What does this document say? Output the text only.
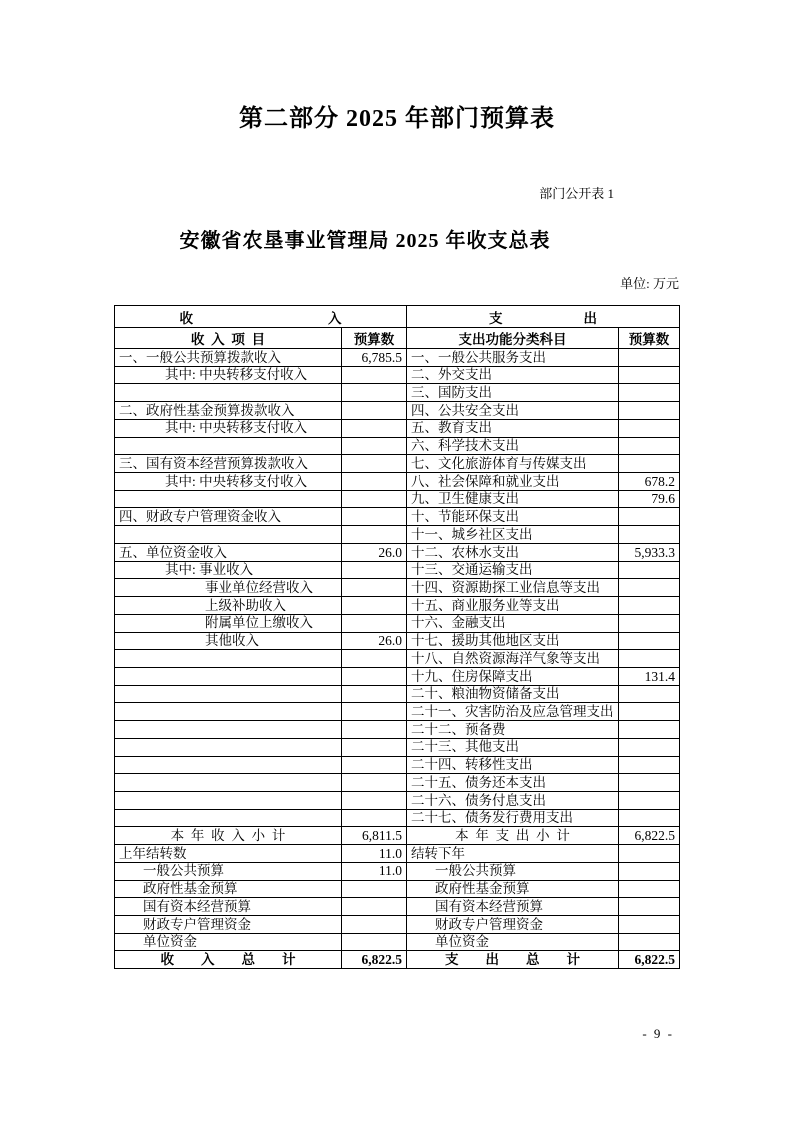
第二部分 2025 年部门预算表
部门公开表 1
安徽省农垦事业管理局 2025 年收支总表
单位: 万元
收　　　　　　　　　　入		支　　　　　　出	
收  入  项  目	预算数	支出功能分类科目	预算数
一、一般公共预算拨款收入	6,785.5	一、一般公共服务支出	
其中: 中央转移支付收入		二、外交支出	
		三、国防支出	
二、政府性基金预算拨款收入		四、公共安全支出	
其中: 中央转移支付收入		五、教育支出	
		六、科学技术支出	
三、国有资本经营预算拨款收入		七、文化旅游体育与传媒支出	
其中: 中央转移支付收入		八、社会保障和就业支出	678.2
		九、卫生健康支出	79.6
四、财政专户管理资金收入		十、节能环保支出	
		十一、城乡社区支出	
五、单位资金收入	26.0	十二、农林水支出	5,933.3
其中: 事业收入		十三、交通运输支出	
事业单位经营收入		十四、资源勘探工业信息等支出	
上级补助收入		十五、商业服务业等支出	
附属单位上缴收入		十六、金融支出	
其他收入	26.0	十七、援助其他地区支出	
		十八、自然资源海洋气象等支出	
		十九、住房保障支出	131.4
		二十、粮油物资储备支出	
		二十一、灾害防治及应急管理支出	
		二十二、预备费	
		二十三、其他支出	
		二十四、转移性支出	
		二十五、债务还本支出	
		二十六、债务付息支出	
		二十七、债务发行费用支出	
本  年  收  入  小  计	6,811.5	本  年  支  出  小  计	6,822.5
上年结转数	11.0	结转下年	
一般公共预算	11.0	一般公共预算	
政府性基金预算		政府性基金预算	
国有资本经营预算		国有资本经营预算	
财政专户管理资金		财政专户管理资金	
单位资金		单位资金	
收　　入　　总　　计	6,822.5	支　　出　　总　　计	6,822.5
- 9 -
